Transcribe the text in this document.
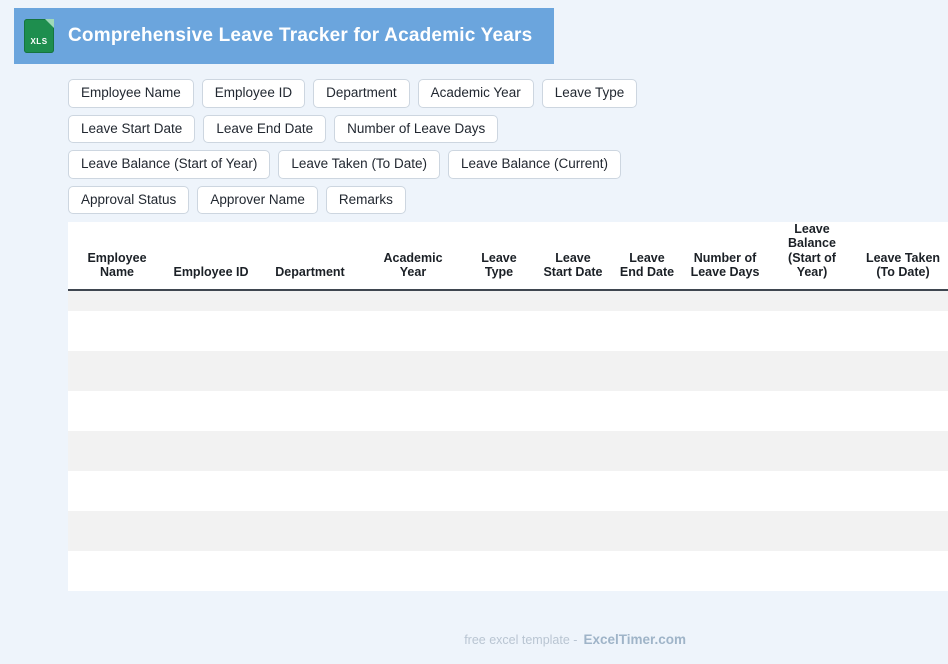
XLS	Comprehensive Leave Tracker for Academic Years
Employee Name	Employee ID	Department	Academic Year	Leave Type
Leave Start Date	Leave End Date	Number of Leave Days
Leave Balance (Start of Year)	Leave Taken (To Date)	Leave Balance (Current)
Approval Status	Approver Name	Remarks
Employee Name	Employee ID	Department	Academic Year	Leave Type	Leave Start Date	Leave End Date	Number of Leave Days	Leave Balance (Start of Year)	Leave Taken (To Date)

free excel template - ExcelTimer.com
